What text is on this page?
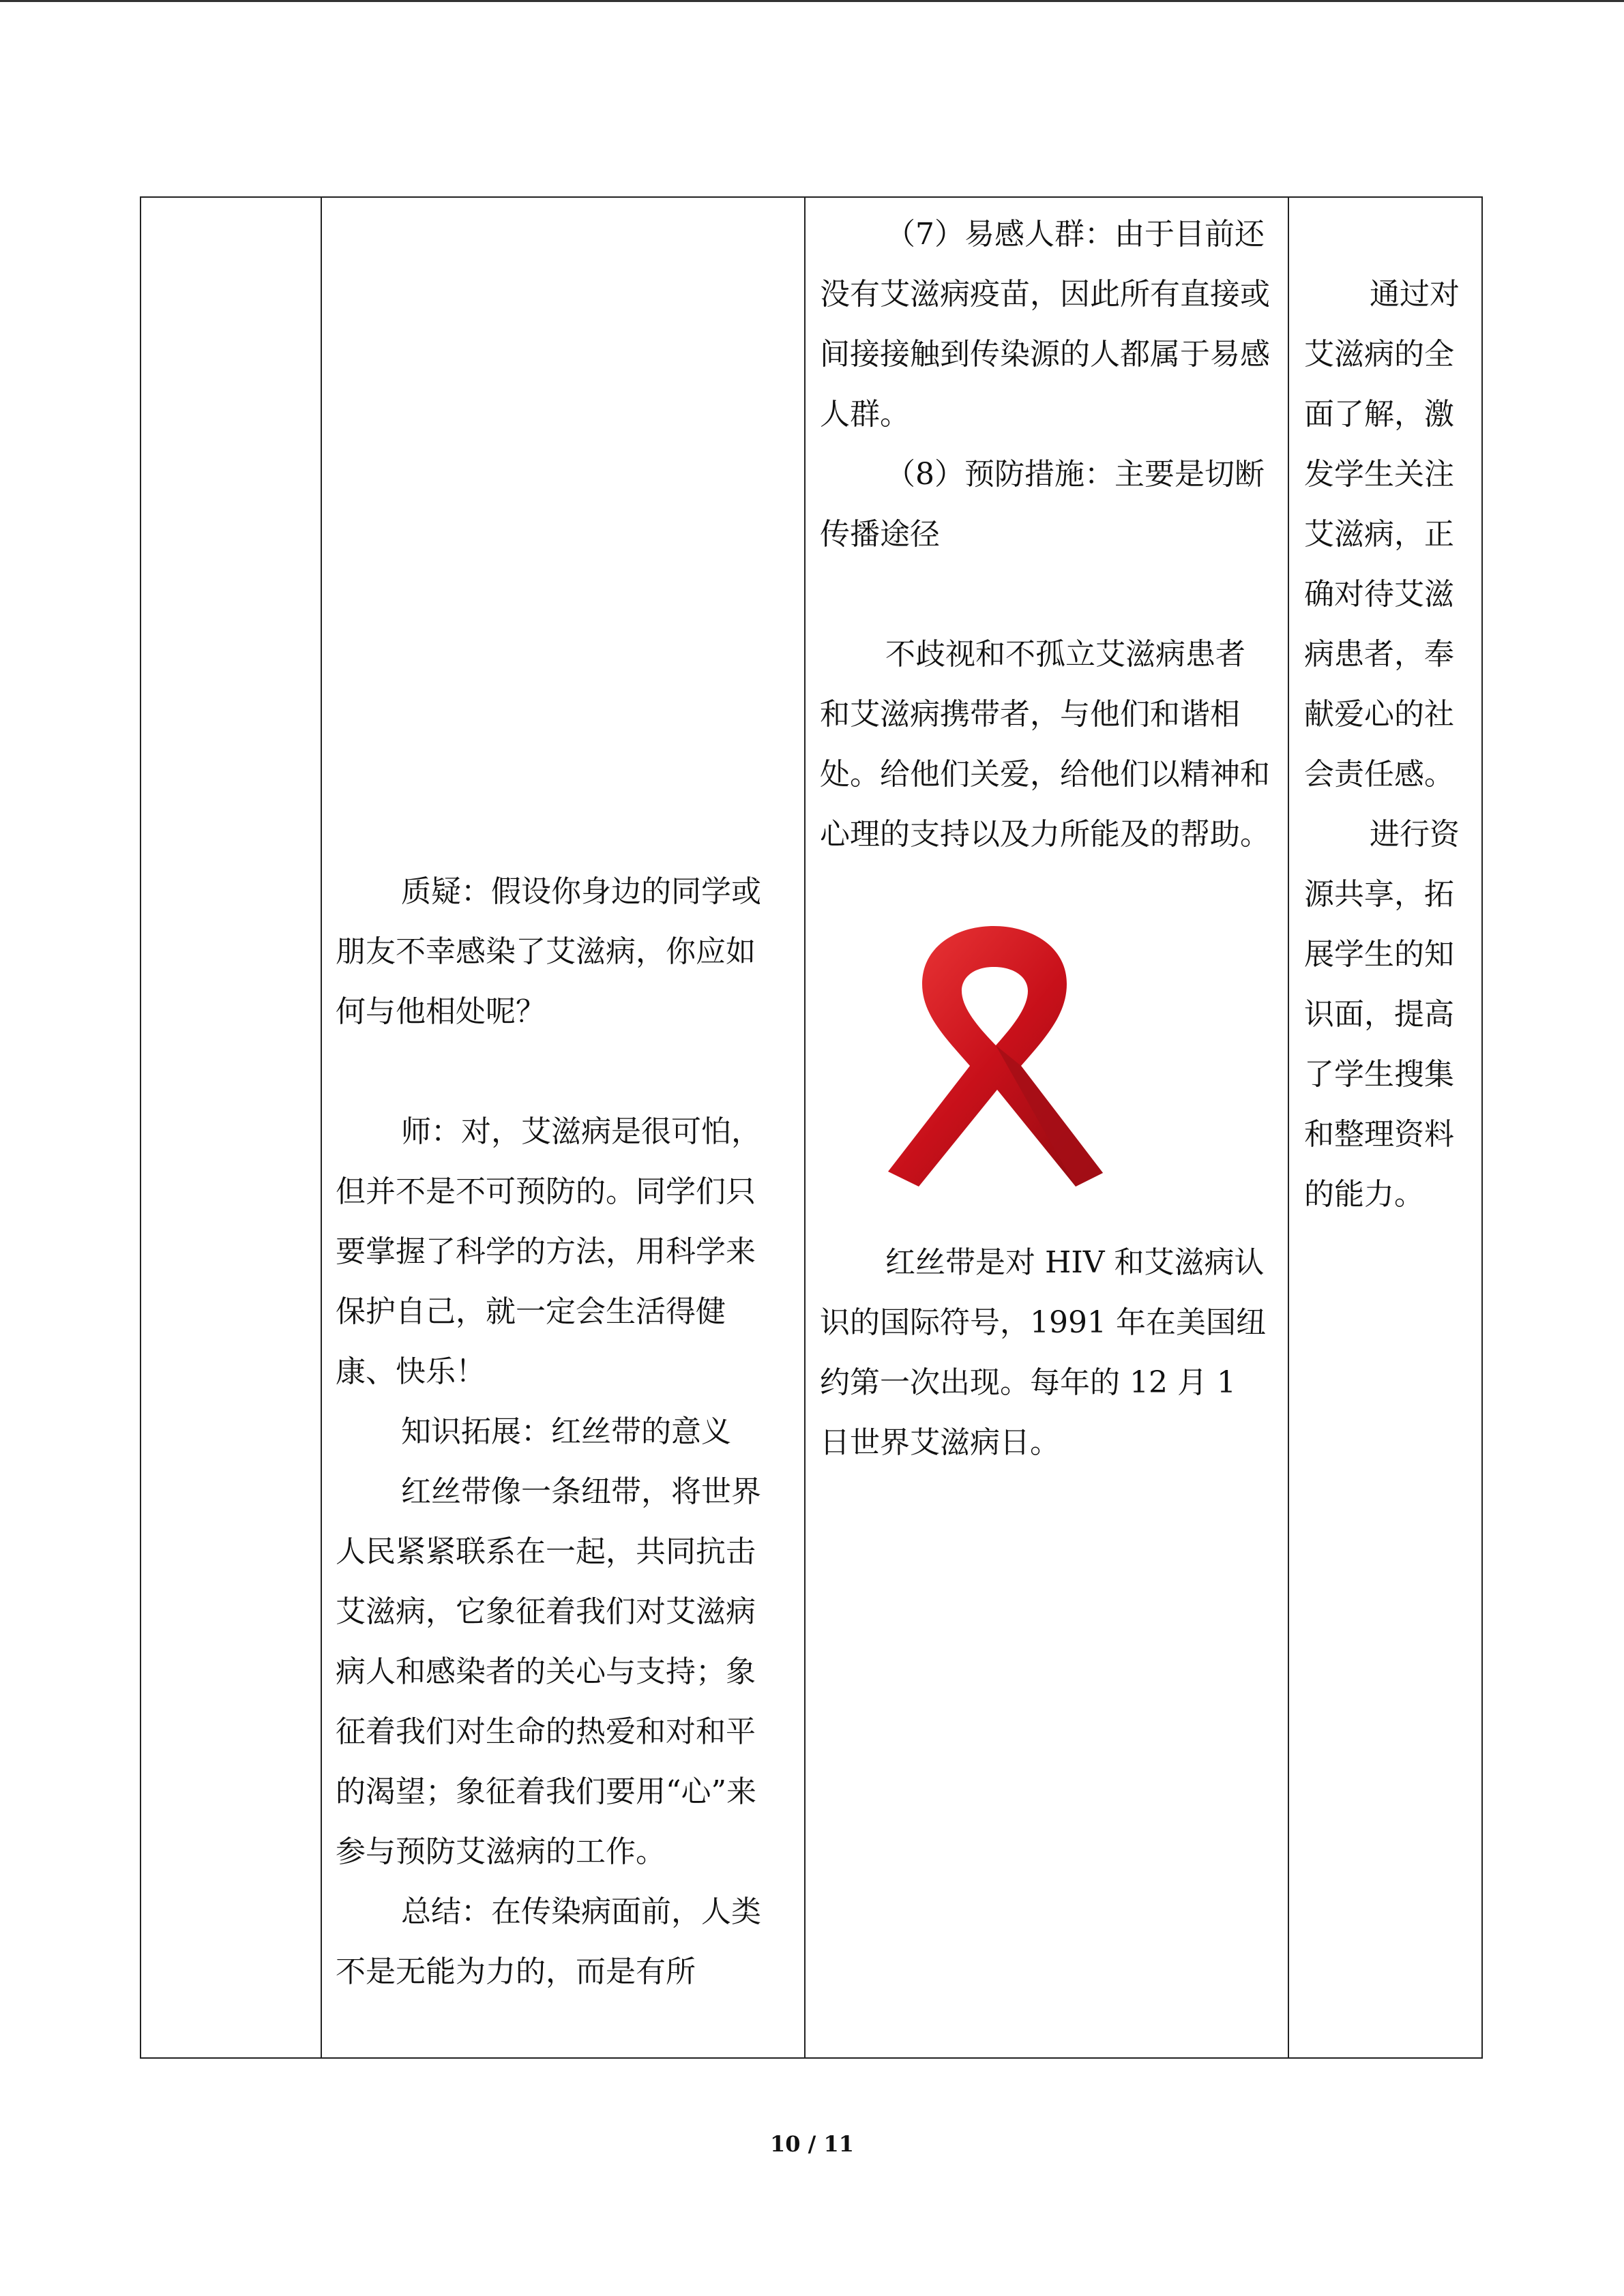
质疑：假设你身边的同学或朋友不幸感染了艾滋病，你应如何与他相处呢？

师：对，艾滋病是很可怕，但并不是不可预防的。同学们只要掌握了科学的方法，用科学来保护自己，就一定会生活得健康、快乐！

知识拓展：红丝带的意义

红丝带像一条纽带，将世界人民紧紧联系在一起，共同抗击艾滋病，它象征着我们对艾滋病病人和感染者的关心与支持；象征着我们对生命的热爱和对和平的渴望；象征着我们要用“心”来参与预防艾滋病的工作。

总结：在传染病面前，人类不是无能为力的，而是有所

（7）易感人群：由于目前还没有艾滋病疫苗，因此所有直接或间接接触到传染源的人都属于易感人群。

（8）预防措施：主要是切断传播途径

不歧视和不孤立艾滋病患者和艾滋病携带者，与他们和谐相处。给他们关爱，给他们以精神和心理的支持以及力所能及的帮助。

红丝带是对 HIV 和艾滋病认识的国际符号，1991 年在美国纽约第一次出现。每年的 12 月 1 日世界艾滋病日。

通过对艾滋病的全面了解，激发学生关注艾滋病，正确对待艾滋病患者，奉献爱心的社会责任感。

进行资源共享，拓展学生的知识面，提高了学生搜集和整理资料的能力。

10 / 11
